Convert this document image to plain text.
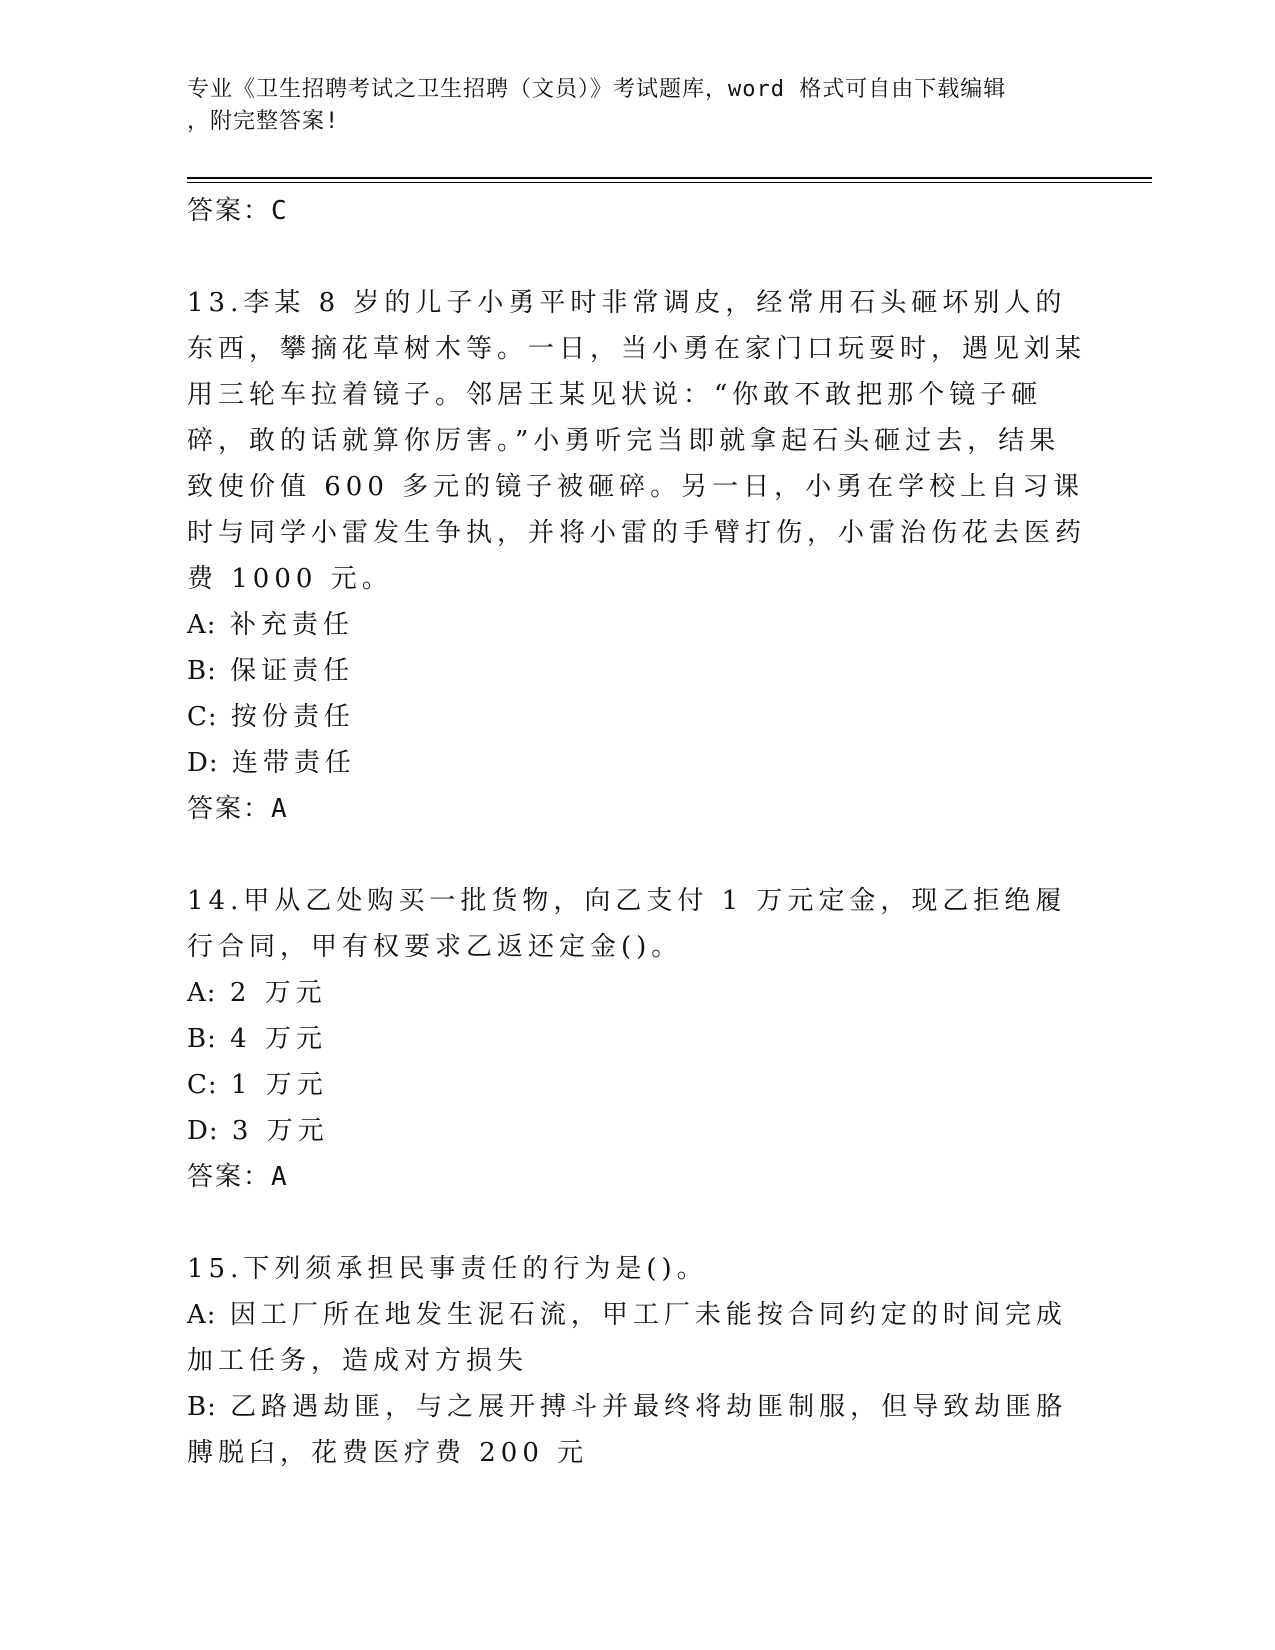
专业《卫生招聘考试之卫生招聘（文员）》考试题库，word 格式可自由下载编辑
，附完整答案!

答案：C

13.李某 8 岁的儿子小勇平时非常调皮，经常用石头砸坏别人的东西，攀摘花草树木等。一日，当小勇在家门口玩耍时，遇见刘某用三轮车拉着镜子。邻居王某见状说：“你敢不敢把那个镜子砸碎，敢的话就算你厉害。”小勇听完当即就拿起石头砸过去，结果致使价值 600 多元的镜子被砸碎。另一日，小勇在学校上自习课时与同学小雷发生争执，并将小雷的手臂打伤，小雷治伤花去医药费 1000 元。

A: 补充责任

B: 保证责任

C: 按份责任

D: 连带责任

答案：A

14.甲从乙处购买一批货物，向乙支付 1 万元定金，现乙拒绝履行合同，甲有权要求乙返还定金()。

A: 2 万元

B: 4 万元

C: 1 万元

D: 3 万元

答案：A

15.下列须承担民事责任的行为是()。

A: 因工厂所在地发生泥石流，甲工厂未能按合同约定的时间完成加工任务，造成对方损失

B: 乙路遇劫匪，与之展开搏斗并最终将劫匪制服，但导致劫匪胳膊脱臼，花费医疗费 200 元
